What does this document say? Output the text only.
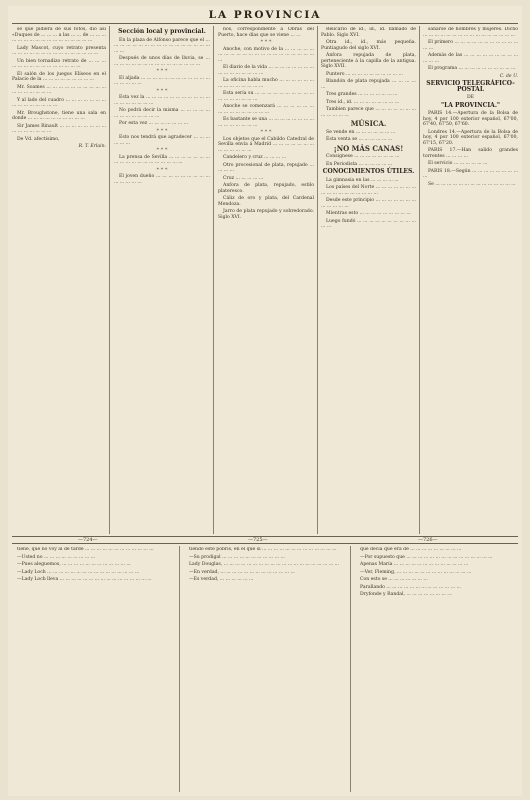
LA PROVINCIA

se que pidiera de sus fotos, dio asi «Duques de ... ... ... a las ... ... de ... ... ... ... ... ... ... ... ... ... ... ... ... ... ... ... ...

Lady Mascot, cuyo retrato presenta ... ... ... ... ... ... ... ... ... ... ... ... ... ... ...

Un bien tornadizo retrato de ... ... ... ... ... ... ... ... ... ... ... ... ... ... ...

El salón de los juegos Elíseos en el Palacio de la ... ... ... ... ... ... ... ... ...

Mr. Soames ... ... ... ... ... ... ... ... ... ... ... ... ... ... ... ... ...

Y al lado del cuadro ... ... ... ... ... ... ... ... ... ... ... ... ... ... ...

Mr. Broughstone, tiene una sala en donde ... ... ... ... ... ... ... ... ... ...

Sir James Rinault ... ... ... ... ... ... ... ... ... ... ... ... ... ... ...

De Vd. afectísimo,

R. T. Erlain.
Sección local y provincial.

En la plaza de Alfonso parece que el ... ... ... ... ... ... ... ... ... ... ... ... ... ... ... ... ... ... ...

Después de unos días de lluvia, se ... ... ... ... ... ... ... ... ... ... ... ... ... ... ... ...

* * *

El aljada ... ... ... ... ... ... ... ... ... ... ... ... ... ... ... ... ...

* * *

Esta vez la ... ... ... ... ... ... ... ... ... ... ... ... ... ... ... ... ... ...

No podrá decir la misma ... ... ... ... ... ... ... ... ... ... ... ... ...

Por esta vez ... ... ... ... ... ... ...

* * *

Esto nos tendrá que agradecer ... ... ... ... ... ...

* * *

La prensa de Sevilla ... ... ... ... ... ... ... ... ... ... ... ... ... ... ... ... ... ... ...

* * *

El joven dueño ... ... ... ... ... ... ... ... ... ... ... ... ... ...

nos, correspondiente á Obras del Puerto, hace días que se viene ... ...

* * *

Anoche, con motivo de la ... ... ... ... ... ... ... ... ... ... ... ... ... ... ... ... ... ... ... ... ... ...

El diario de la vida ... ... ... ... ... ... ... ... ... ... ... ... ... ... ... ...

La oficina habla mucho ... ... ... ... ... ... ... ... ... ... ... ... ... ...

Esta sería su ... ... ... ... ... ... ... ... ... ... ... ... ... ... ... ... ...

Anoche se comenzará ... ... ... ... ... ... ... ... ... ... ... ... ... ... ...

Es bastante se una ... ... ... ... ... ... ... ... ... ... ... ... ... ... ...

* * *

Los objetos que el Cabildo Catedral de Sevilla envía á Madrid ... ... ... ... ... ... ... ... ... ... ... ... ...

Candelero y cruz ... ... ... ...

Otro procesional de plata, repujado ... ... ... ...

Cruz ... ... ... ... ...

Anfora de plata, repujado, estilo plateresco.

Cáliz de oro y plata, del Cardenal Mendoza.

Jarro de plata repujado y sobredorado. Siglo XVI.

Relicario de id., id., id. llamado de Pablo. Siglo XVI.

Otra id., id., más pequeña. Puntiagudo del siglo XVI.

Ánfora repujada de plata, perteneciente á la capilla de la antigua. Siglo XVII.

Puntero ... ... ... ... ... ... ... ... ... ...

Blandón de plata repujada ... ... ... ... ...

Tres grandes ... ... ... ... ... ... ...

Tres id., id. ... ... ... ... ... ... ... ...

Tambien parece que ... ... ... ... ... ... ... ... ... ... ... ...

MÚSICA.

Se vende en ... ... ... ... ... ... ...

Ésta venta se ... ... ... ... ... ...

¡NO MÁS CANAS!

Consignese ... ... ... ... ... ... ... ...

En Periodista ... ... ... ... ... ...

CONOCIMIENTOS ÚTILES.

La gimnasia en las ... ... ... ... ...

Los países del Norte ... ... ... ... ... ... ... ... ... ... ... ... ... ... ... ... ...

Desde este principio ... ... ... ... ... ... ... ... ... ... ... ...

Mientras esto ... ... ... ... ... ... ... ... ...

Luego fundó ... ... ... ... ... ... ... ... ... ... ... ...

sañarse de hombres y mujeres. Dicho ... ... ... ... ... ... ... ... ... ... ... ... ... ... ... ...

El primero ... ... ... ... ... ... ... ... ... ... ... ... ...

Además de las ... ... ... ... ... ... ... ... ... ... ... ...

El programa ... ... ... ... ... ... ... ... ... ...

C. de U.
SERVICIO TELEGRÁFICO-POSTAL
DE
"LA PROVINCIA."

PARIS 14.—Apertura de la Bolsa de hoy, 4 por 100 exterior español, 67'00, 67'40, 67'50, 67'60.

Londres 14.—Apertura de la Bolsa de hoy, 4 por 100 exterior español, 67'00, 67'15, 67'20.

PARIS 17.—Han salido grandes torrentes ... ... ... ...

El servicio ... ... ... ... ... ...

PARIS 18.—Según ... ... ... ... ... ... ... ... ...

Se ... ... ... ... ... ... ... ... ... ... ... ... ... ...

—724—	—725—	—726—

tiene, que no voy al de tarde ... ... ... ... ... ... ... ... ... ... ... ...

—Usted no ... ... ... ... ... ... ... ... ...

—Pues aleguemos, ... ... ... ... ... ... ... ... ... ... ... ...

—Lady Loch ... ... ... ... ... ... ... ... ... ... ... ... ... ... ... ...

—Lady Loch lleva ... ... ... ... ... ... ... ... ... ... ... ... ... ... ... ...

tiendo este pobrís, en el que si ... ... ... ... ... ... ... ... ... ... ... ... ...

—Su prodigal ... ... ... ... ... ... ... ... ... ... ...

Lady Douglas, ... ... ... ... ... ... ... ... ... ... ... ... ... ... ... ... ... ... ... ...

—En verdad, ... ... ... ... ... ... ... ... ... ... ... ... ...

—Es verdad, ... ... ... ... ... ...

que decía que era de ... ... ... ... ... ... ... ... ...

—Por supuesto que ... ... ... ... ... ... ... ... ... ... ... ... ... ... ...

Apenas María ... ... ... ... ... ... ... ... ... ... ... ... ...

—Ver, Fleming, ... ... ... ... ... ... ... ... ... ... ... ... ...

Con esto se ... ... ... ... ... ... ...

Parallando ... ... ... ... ... ... ... ... ... ... ... ... ...

Dryfonde y Randal, ... ... ... ... ... ... ... ...
